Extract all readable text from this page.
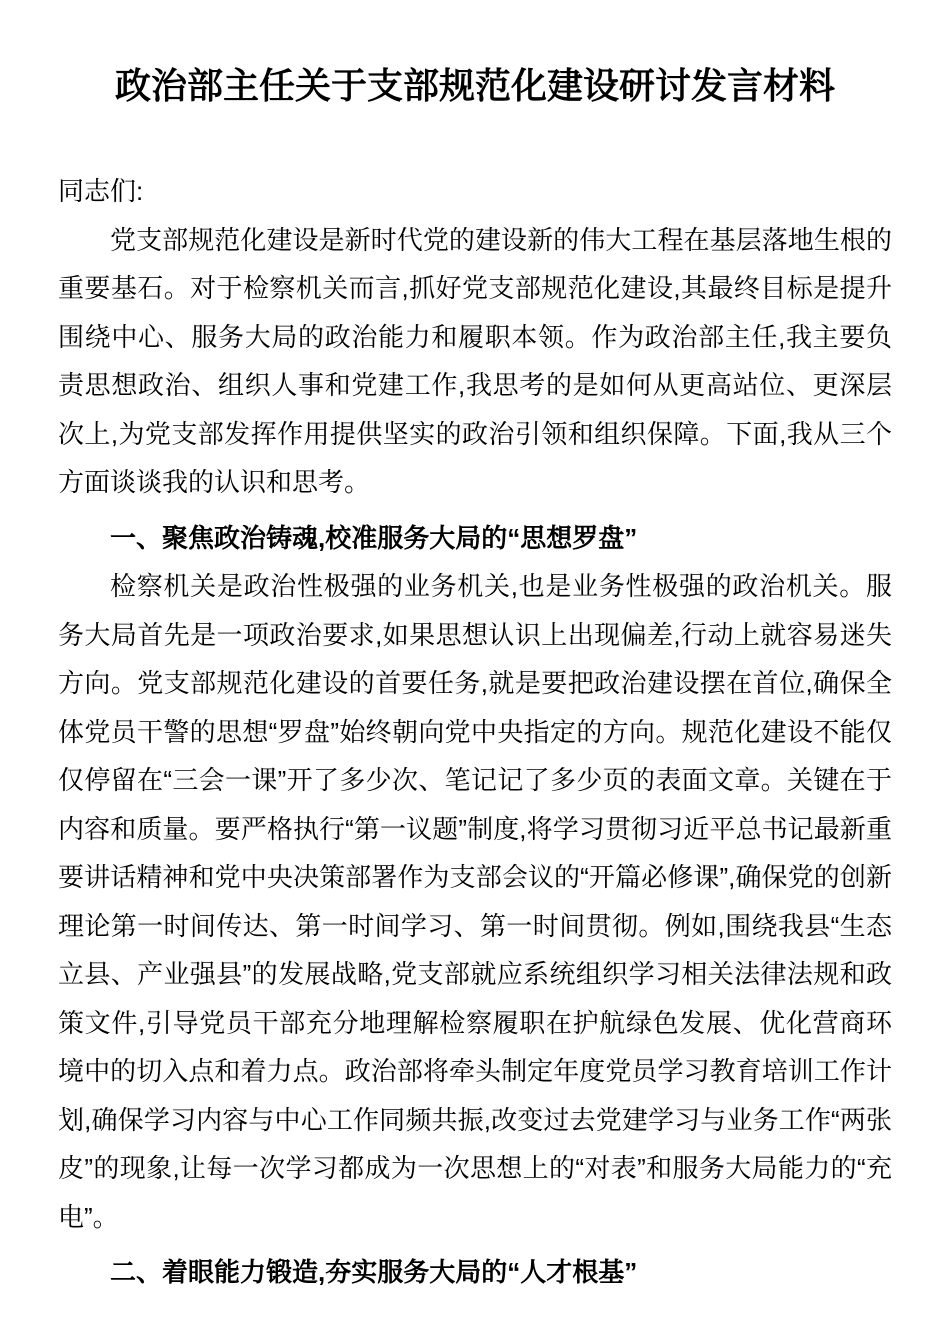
政治部主任关于支部规范化建设研讨发言材料

同志们:

党支部规范化建设是新时代党的建设新的伟大工程在基层落地生根的重要基石。对于检察机关而言,抓好党支部规范化建设,其最终目标是提升围绕中心、服务大局的政治能力和履职本领。作为政治部主任,我主要负责思想政治、组织人事和党建工作,我思考的是如何从更高站位、更深层次上,为党支部发挥作用提供坚实的政治引领和组织保障。下面,我从三个方面谈谈我的认识和思考。

一、聚焦政治铸魂,校准服务大局的“思想罗盘”

检察机关是政治性极强的业务机关,也是业务性极强的政治机关。服务大局首先是一项政治要求,如果思想认识上出现偏差,行动上就容易迷失方向。党支部规范化建设的首要任务,就是要把政治建设摆在首位,确保全体党员干警的思想“罗盘”始终朝向党中央指定的方向。规范化建设不能仅仅停留在“三会一课”开了多少次、笔记记了多少页的表面文章。关键在于内容和质量。要严格执行“第一议题”制度,将学习贯彻习近平总书记最新重要讲话精神和党中央决策部署作为支部会议的“开篇必修课”,确保党的创新理论第一时间传达、第一时间学习、第一时间贯彻。例如,围绕我县“生态立县、产业强县”的发展战略,党支部就应系统组织学习相关法律法规和政策文件,引导党员干部充分地理解检察履职在护航绿色发展、优化营商环境中的切入点和着力点。政治部将牵头制定年度党员学习教育培训工作计划,确保学习内容与中心工作同频共振,改变过去党建学习与业务工作“两张皮”的现象,让每一次学习都成为一次思想上的“对表”和服务大局能力的“充电”。

二、着眼能力锻造,夯实服务大局的“人才根基”
